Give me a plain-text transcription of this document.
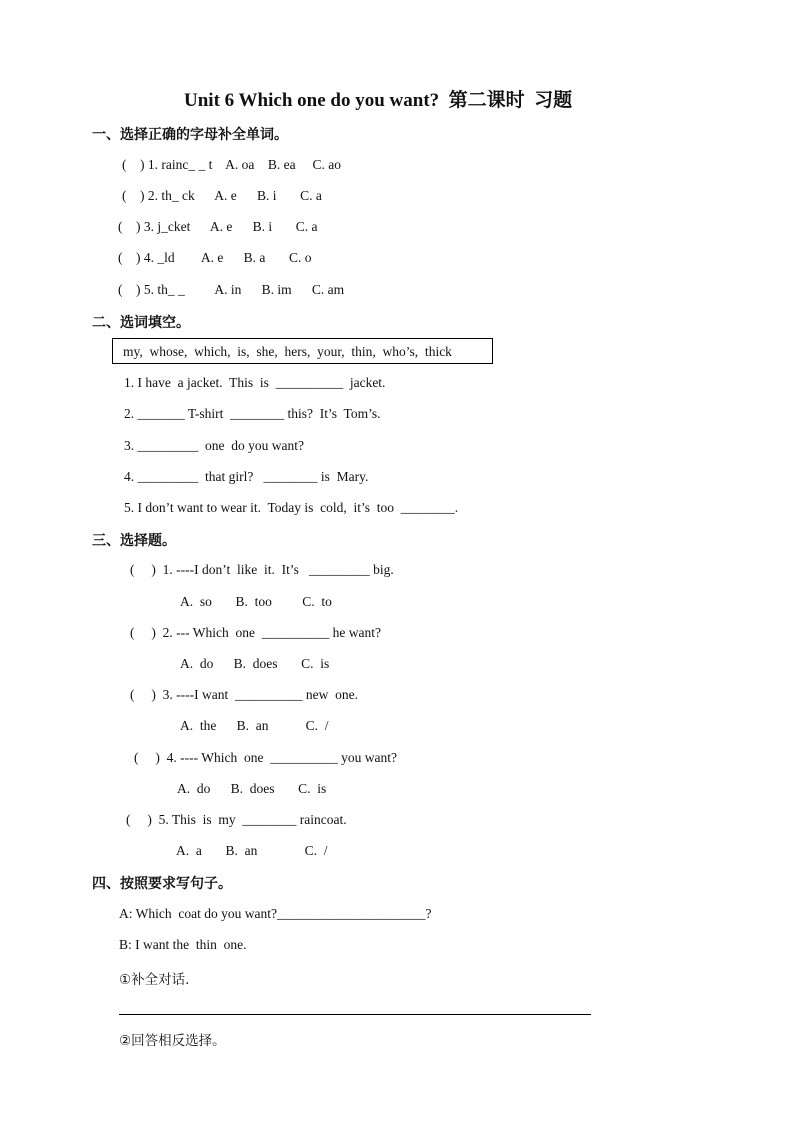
Unit 6 Which one do you want?  第二课时  习题
一、选择正确的字母补全单词。
(    ) 1. rainc_ _ t    A. oa    B. ea     C. ao
(    ) 2. th_ ck      A. e      B. i       C. a
(    ) 3. j_cket      A. e      B. i       C. a
(    ) 4. _ld        A. e      B. a       C. o
(    ) 5. th_ _         A. in      B. im      C. am
二、选词填空。
my,  whose,  which,  is,  she,  hers,  your,  thin,  who’s,  thick
1. I have  a jacket.  This  is  __________  jacket.
2. _______ T-shirt  ________ this?  It’s  Tom’s.
3. _________  one  do you want?
4. _________  that girl?   ________ is  Mary.
5. I don’t want to wear it.  Today is  cold,  it’s  too  ________.
三、选择题。
(     )  1. ----I don’t  like  it.  It’s   _________ big.
A.  so       B.  too         C.  to
(     )  2. --- Which  one  __________ he want?
A.  do      B.  does       C.  is
(     )  3. ----I want  __________ new  one.
A.  the      B.  an           C.  /
(     )  4. ---- Which  one  __________ you want?
A.  do      B.  does       C.  is
(     )  5. This  is  my  ________ raincoat.
A.  a       B.  an              C.  /
四、按照要求写句子。
A: Which  coat do you want?______________________?
B: I want the  thin  one.
①补全对话.
②回答相反选择。
